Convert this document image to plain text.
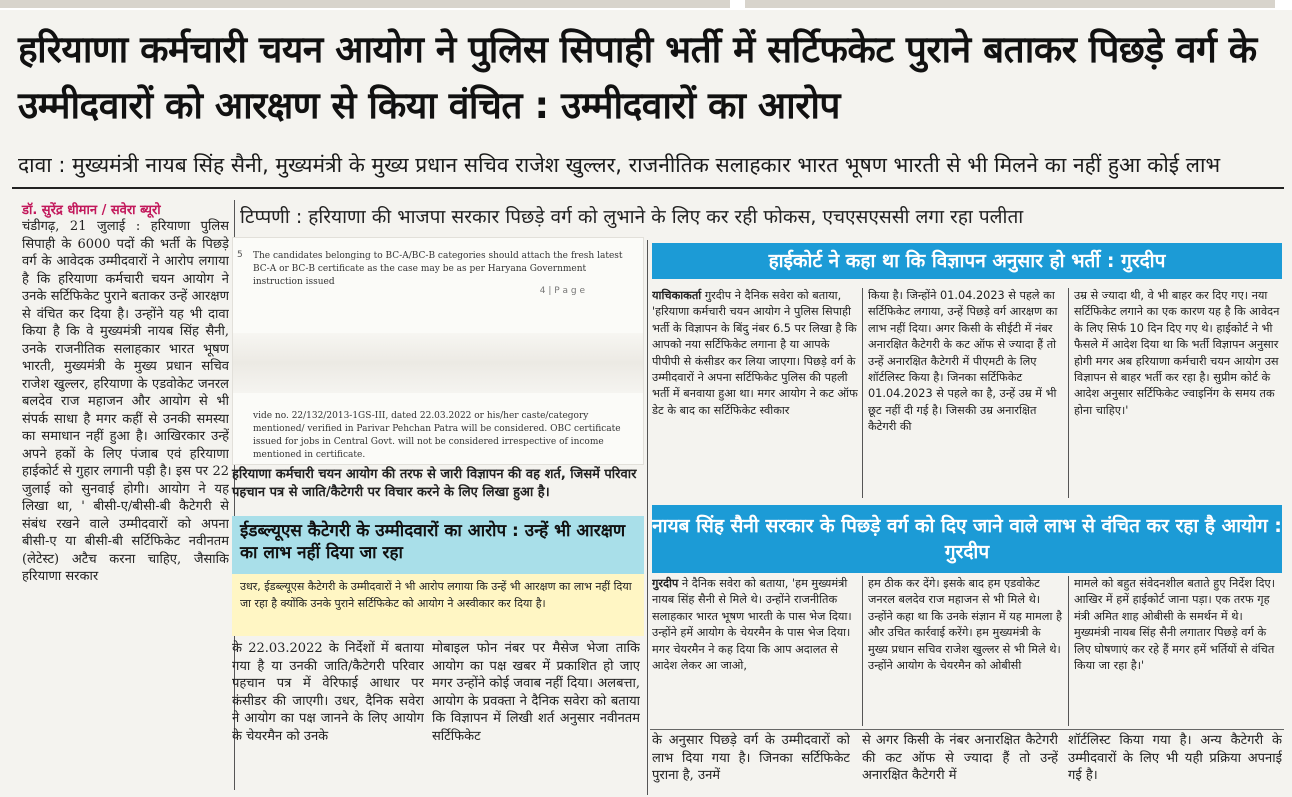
हरियाणा कर्मचारी चयन आयोग ने पुलिस सिपाही भर्ती में सर्टिफकेट पुराने बताकर पिछड़े वर्ग के उम्मीदवारों को आरक्षण से किया वंचित : उम्मीदवारों का आरोप
दावा : मुख्यमंत्री नायब सिंह सैनी, मुख्यमंत्री के मुख्य प्रधान सचिव राजेश खुल्लर, राजनीतिक सलाहकार भारत भूषण भारती से भी मिलने का नहीं हुआ कोई लाभ
डॉ. सुरेंद्र धीमान / सवेरा ब्यूरो
चंडीगढ़, 21 जुलाई : हरियाणा पुलिस सिपाही के 6000 पदों की भर्ती के पिछड़े वर्ग के आवेदक उम्मीदवारों ने आरोप लगाया है कि हरियाणा कर्मचारी चयन आयोग ने उनके सर्टिफिकेट पुराने बताकर उन्हें आरक्षण से वंचित कर दिया है। उन्होंने यह भी दावा किया है कि वे मुख्यमंत्री नायब सिंह सैनी, उनके राजनीतिक सलाहकार भारत भूषण भारती, मुख्यमंत्री के मुख्य प्रधान सचिव राजेश खुल्लर, हरियाणा के एडवोकेट जनरल बलदेव राज महाजन और आयोग से भी संपर्क साधा है मगर कहीं से उनकी समस्या का समाधान नहीं हुआ है। आखिरकार उन्हें अपने हकों के लिए पंजाब एवं हरियाणा हाईकोर्ट से गुहार लगानी पड़ी है। इस पर 22 जुलाई को सुनवाई होगी। आयोग ने यह लिखा था, ' बीसी-ए/बीसी-बी कैटेगरी से संबंध रखने वाले उम्मीदवारों को अपना बीसी-ए या बीसी-बी सर्टिफिकेट नवीनतम (लेटेस्ट) अटैच करना चाहिए, जैसाकि हरियाणा सरकार
टिप्पणी : हरियाणा की भाजपा सरकार पिछड़े वर्ग को लुभाने के लिए कर रही फोकस, एचएसएससी लगा रहा पलीता
5 The candidates belonging to BC-A/BC-B categories should attach the fresh latest BC-A or BC-B certificate as the case may be as per Haryana Government instruction issued
4 | P a g e
vide no. 22/132/2013-1GS-III, dated 22.03.2022 or his/her caste/category mentioned/ verified in Parivar Pehchan Patra will be considered. OBC certificate issued for jobs in Central Govt. will not be considered irrespective of income mentioned in certificate.
हरियाणा कर्मचारी चयन आयोग की तरफ से जारी विज्ञापन की वह शर्त, जिसमें परिवार पहचान पत्र से जाति/कैटेगरी पर विचार करने के लिए लिखा हुआ है।
ईडब्ल्यूएस कैटेगरी के उम्मीदवारों का आरोप : उन्हें भी आरक्षण का लाभ नहीं दिया जा रहा
उधर, ईडब्ल्यूएस कैटेगरी के उम्मीदवारों ने भी आरोप लगाया कि उन्हें भी आरक्षण का लाभ नहीं दिया जा रहा है क्योंकि उनके पुराने सर्टिफिकेट को आयोग ने अस्वीकार कर दिया है।
के 22.03.2022 के निर्देशों में बताया गया है या उनकी जाति/कैटेगरी परिवार पहचान पत्र में वेरिफाई आधार पर कंसीडर की जाएगी। उधर, दैनिक सवेरा ने आयोग का पक्ष जानने के लिए आयोग के चेयरमैन को उनके
मोबाइल फोन नंबर पर मैसेज भेजा ताकि आयोग का पक्ष खबर में प्रकाशित हो जाए मगर उन्होंने कोई जवाब नहीं दिया। अलबत्ता, आयोग के प्रवक्ता ने दैनिक सवेरा को बताया कि विज्ञापन में लिखी शर्त अनुसार नवीनतम सर्टिफिकेट
हाईकोर्ट ने कहा था कि विज्ञापन अनुसार हो भर्ती : गुरदीप
याचिकाकर्ता गुरदीप ने दैनिक सवेरा को बताया, 'हरियाणा कर्मचारी चयन आयोग ने पुलिस सिपाही भर्ती के विज्ञापन के बिंदु नंबर 6.5 पर लिखा है कि आपको नया सर्टिफिकेट लगाना है या आपके पीपीपी से कंसीडर कर लिया जाएगा। पिछड़े वर्ग के उम्मीदवारों ने अपना सर्टिफिकेट पुलिस की पहली भर्ती में बनवाया हुआ था। मगर आयोग ने कट ऑफ डेट के बाद का सर्टिफिकेट स्वीकार
किया है। जिन्होंने 01.04.2023 से पहले का सर्टिफिकेट लगाया, उन्हें पिछड़े वर्ग आरक्षण का लाभ नहीं दिया। अगर किसी के सीईटी में नंबर अनारक्षित कैटेगरी के कट ऑफ से ज्यादा हैं तो उन्हें अनारक्षित कैटेगरी में पीएमटी के लिए शॉर्टलिस्ट किया है। जिनका सर्टिफिकेट 01.04.2023 से पहले का है, उन्हें उम्र में भी छूट नहीं दी गई है। जिसकी उम्र अनारक्षित कैटेगरी की
उम्र से ज्यादा थी, वे भी बाहर कर दिए गए। नया सर्टिफिकेट लगाने का एक कारण यह है कि आवेदन के लिए सिर्फ 10 दिन दिए गए थे। हाईकोर्ट ने भी फैसले में आदेश दिया था कि भर्ती विज्ञापन अनुसार होगी मगर अब हरियाणा कर्मचारी चयन आयोग उस विज्ञापन से बाहर भर्ती कर रहा है। सुप्रीम कोर्ट के आदेश अनुसार सर्टिफिकेट ज्वाइनिंग के समय तक होना चाहिए।'
नायब सिंह सैनी सरकार के पिछड़े वर्ग को दिए जाने वाले लाभ से वंचित कर रहा है आयोग : गुरदीप
गुरदीप ने दैनिक सवेरा को बताया, 'हम मुख्यमंत्री नायब सिंह सैनी से मिले थे। उन्होंने राजनीतिक सलाहकार भारत भूषण भारती के पास भेज दिया। उन्होंने हमें आयोग के चेयरमैन के पास भेज दिया। मगर चेयरमैन ने कह दिया कि आप अदालत से आदेश लेकर आ जाओ,
हम ठीक कर देंगे। इसके बाद हम एडवोकेट जनरल बलदेव राज महाजन से भी मिले थे। उन्होंने कहा था कि उनके संज्ञान में यह मामला है और उचित कार्रवाई करेंगे। हम मुख्यमंत्री के मुख्य प्रधान सचिव राजेश खुल्लर से भी मिले थे। उन्होंने आयोग के चेयरमैन को ओबीसी
मामले को बहुत संवेदनशील बताते हुए निर्देश दिए। आखिर में हमें हाईकोर्ट जाना पड़ा। एक तरफ गृह मंत्री अमित शाह ओबीसी के समर्थन में थे। मुख्यमंत्री नायब सिंह सैनी लगातार पिछड़े वर्ग के लिए घोषणाएं कर रहे हैं मगर हमें भर्तियों से वंचित किया जा रहा है।'
के अनुसार पिछड़े वर्ग के उम्मीदवारों को लाभ दिया गया है। जिनका सर्टिफिकेट पुराना है, उनमें
से अगर किसी के नंबर अनारक्षित कैटेगरी की कट ऑफ से ज्यादा हैं तो उन्हें अनारक्षित कैटेगरी में
शॉर्टलिस्ट किया गया है। अन्य कैटेगरी के उम्मीदवारों के लिए भी यही प्रक्रिया अपनाई गई है।
